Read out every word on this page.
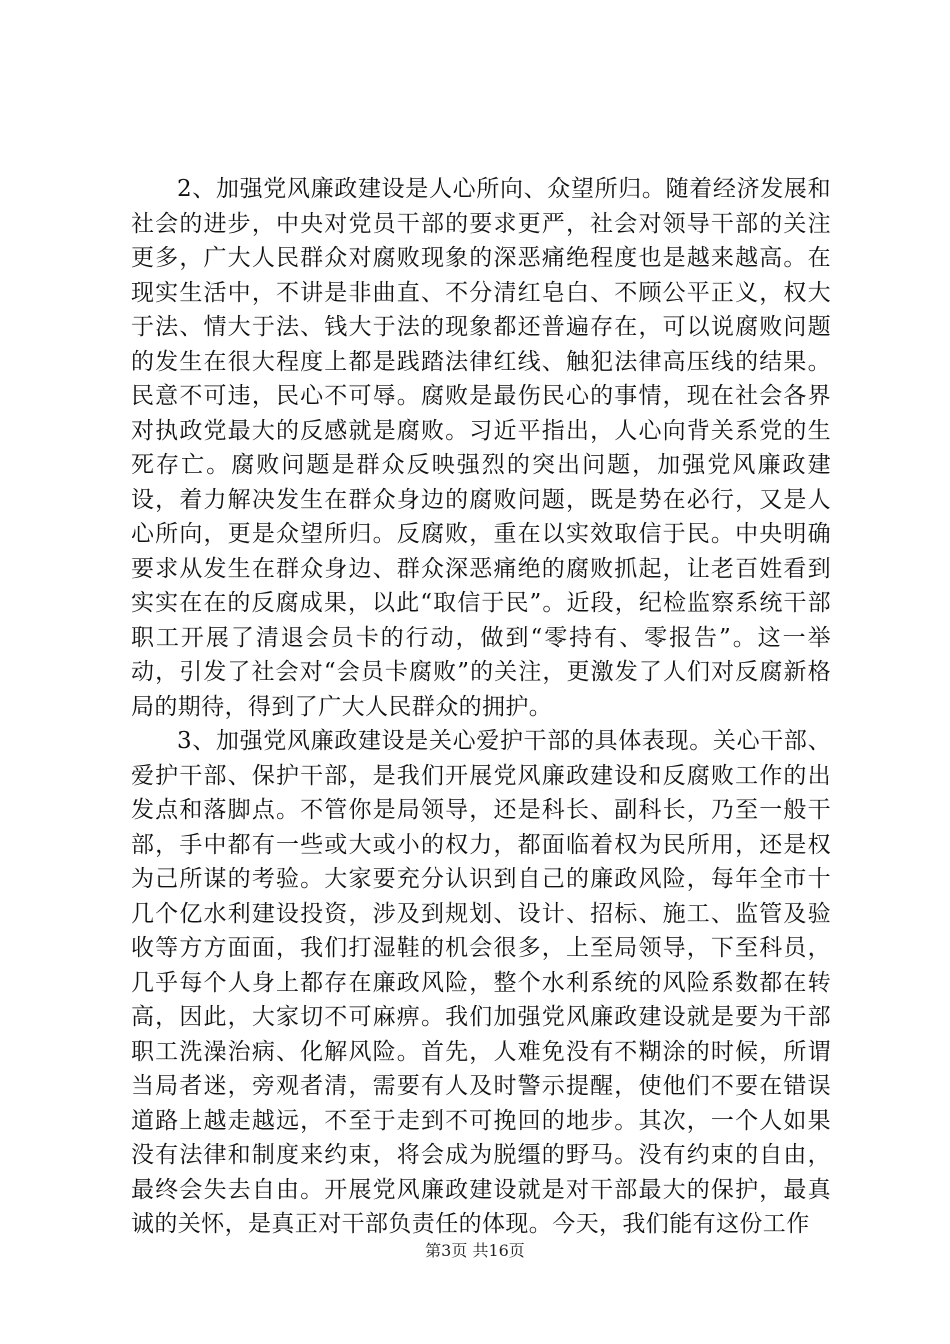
2、加强党风廉政建设是人心所向、众望所归。随着经济发展和社会的进步，中央对党员干部的要求更严，社会对领导干部的关注更多，广大人民群众对腐败现象的深恶痛绝程度也是越来越高。在现实生活中，不讲是非曲直、不分清红皂白、不顾公平正义，权大于法、情大于法、钱大于法的现象都还普遍存在，可以说腐败问题的发生在很大程度上都是践踏法律红线、触犯法律高压线的结果。民意不可违，民心不可辱。腐败是最伤民心的事情，现在社会各界对执政党最大的反感就是腐败。习近平指出，人心向背关系党的生死存亡。腐败问题是群众反映强烈的突出问题，加强党风廉政建设，着力解决发生在群众身边的腐败问题，既是势在必行，又是人心所向，更是众望所归。反腐败，重在以实效取信于民。中央明确要求从发生在群众身边、群众深恶痛绝的腐败抓起，让老百姓看到实实在在的反腐成果，以此“取信于民”。近段，纪检监察系统干部职工开展了清退会员卡的行动，做到“零持有、零报告”。这一举动，引发了社会对“会员卡腐败”的关注，更激发了人们对反腐新格局的期待，得到了广大人民群众的拥护。

3、加强党风廉政建设是关心爱护干部的具体表现。关心干部、爱护干部、保护干部，是我们开展党风廉政建设和反腐败工作的出发点和落脚点。不管你是局领导，还是科长、副科长，乃至一般干部，手中都有一些或大或小的权力，都面临着权为民所用，还是权为己所谋的考验。大家要充分认识到自己的廉政风险，每年全市十几个亿水利建设投资，涉及到规划、设计、招标、施工、监管及验收等方方面面，我们打湿鞋的机会很多，上至局领导，下至科员，几乎每个人身上都存在廉政风险，整个水利系统的风险系数都在转高，因此，大家切不可麻痹。我们加强党风廉政建设就是要为干部职工洗澡治病、化解风险。首先，人难免没有不糊涂的时候，所谓当局者迷，旁观者清，需要有人及时警示提醒，使他们不要在错误道路上越走越远，不至于走到不可挽回的地步。其次，一个人如果没有法律和制度来约束，将会成为脱缰的野马。没有约束的自由，最终会失去自由。开展党风廉政建设就是对干部最大的保护，最真诚的关怀，是真正对干部负责任的体现。今天，我们能有这份工作

第3页 共16页
